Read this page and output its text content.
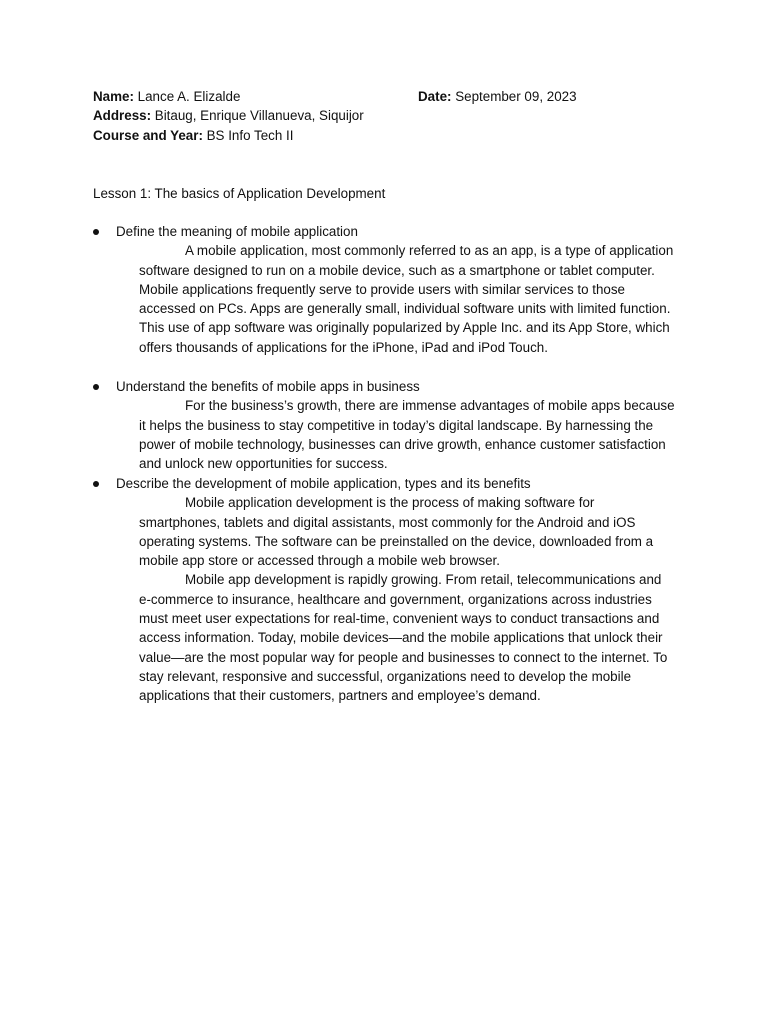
Name: Lance A. Elizalde	Date: September 09, 2023
Address: Bitaug, Enrique Villanueva, Siquijor
Course and Year: BS Info Tech II
Lesson 1: The basics of Application Development
Define the meaning of mobile application

A mobile application, most commonly referred to as an app, is a type of application software designed to run on a mobile device, such as a smartphone or tablet computer. Mobile applications frequently serve to provide users with similar services to those accessed on PCs. Apps are generally small, individual software units with limited function. This use of app software was originally popularized by Apple Inc. and its App Store, which offers thousands of applications for the iPhone, iPad and iPod Touch.

Understand the benefits of mobile apps in business

For the business’s growth, there are immense advantages of mobile apps because it helps the business to stay competitive in today’s digital landscape. By harnessing the power of mobile technology, businesses can drive growth, enhance customer satisfaction and unlock new opportunities for success.

Describe the development of mobile application, types and its benefits

Mobile application development is the process of making software for smartphones, tablets and digital assistants, most commonly for the Android and iOS operating systems. The software can be preinstalled on the device, downloaded from a mobile app store or accessed through a mobile web browser.

Mobile app development is rapidly growing. From retail, telecommunications and e-commerce to insurance, healthcare and government, organizations across industries must meet user expectations for real-time, convenient ways to conduct transactions and access information. Today, mobile devices—and the mobile applications that unlock their value—are the most popular way for people and businesses to connect to the internet. To stay relevant, responsive and successful, organizations need to develop the mobile applications that their customers, partners and employee’s demand.
